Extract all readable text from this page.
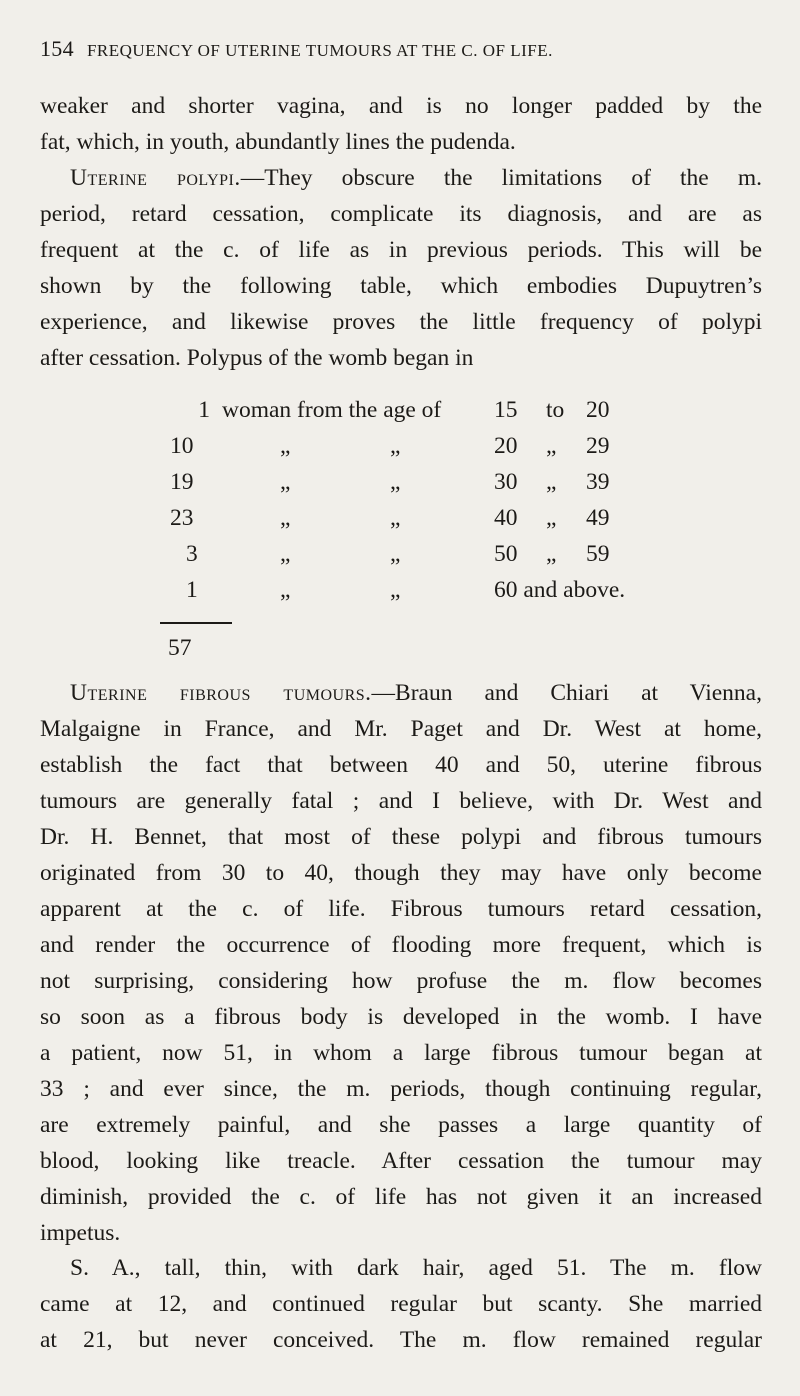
154 FREQUENCY OF UTERINE TUMOURS AT THE C. OF LIFE.

weaker and shorter vagina, and is no longer padded by the
fat, which, in youth, abundantly lines the pudenda.

Uterine polypi.—They obscure the limitations of the m.
period, retard cessation, complicate its diagnosis, and are as
frequent at the c. of life as in previous periods. This will be
shown by the following table, which embodies Dupuytren’s
experience, and likewise proves the little frequency of polypi
after cessation. Polypus of the womb began in

1 woman from the age of 15 to 20
10	„	„	20 „ 29
19	„	„	30 „ 39
23	„	„	40 „ 49
3	„	„	50 „ 59
1	„	„	60 and above.
57

Uterine fibrous tumours.—Braun and Chiari at Vienna,
Malgaigne in France, and Mr. Paget and Dr. West at home,
establish the fact that between 40 and 50, uterine fibrous
tumours are generally fatal ; and I believe, with Dr. West and
Dr. H. Bennet, that most of these polypi and fibrous tumours
originated from 30 to 40, though they may have only become
apparent at the c. of life. Fibrous tumours retard cessation,
and render the occurrence of flooding more frequent, which is
not surprising, considering how profuse the m. flow becomes
so soon as a fibrous body is developed in the womb. I have
a patient, now 51, in whom a large fibrous tumour began at
33 ; and ever since, the m. periods, though continuing regular,
are extremely painful, and she passes a large quantity of
blood, looking like treacle. After cessation the tumour may
diminish, provided the c. of life has not given it an increased
impetus.

S. A., tall, thin, with dark hair, aged 51. The m. flow
came at 12, and continued regular but scanty. She married
at 21, but never conceived. The m. flow remained regular
